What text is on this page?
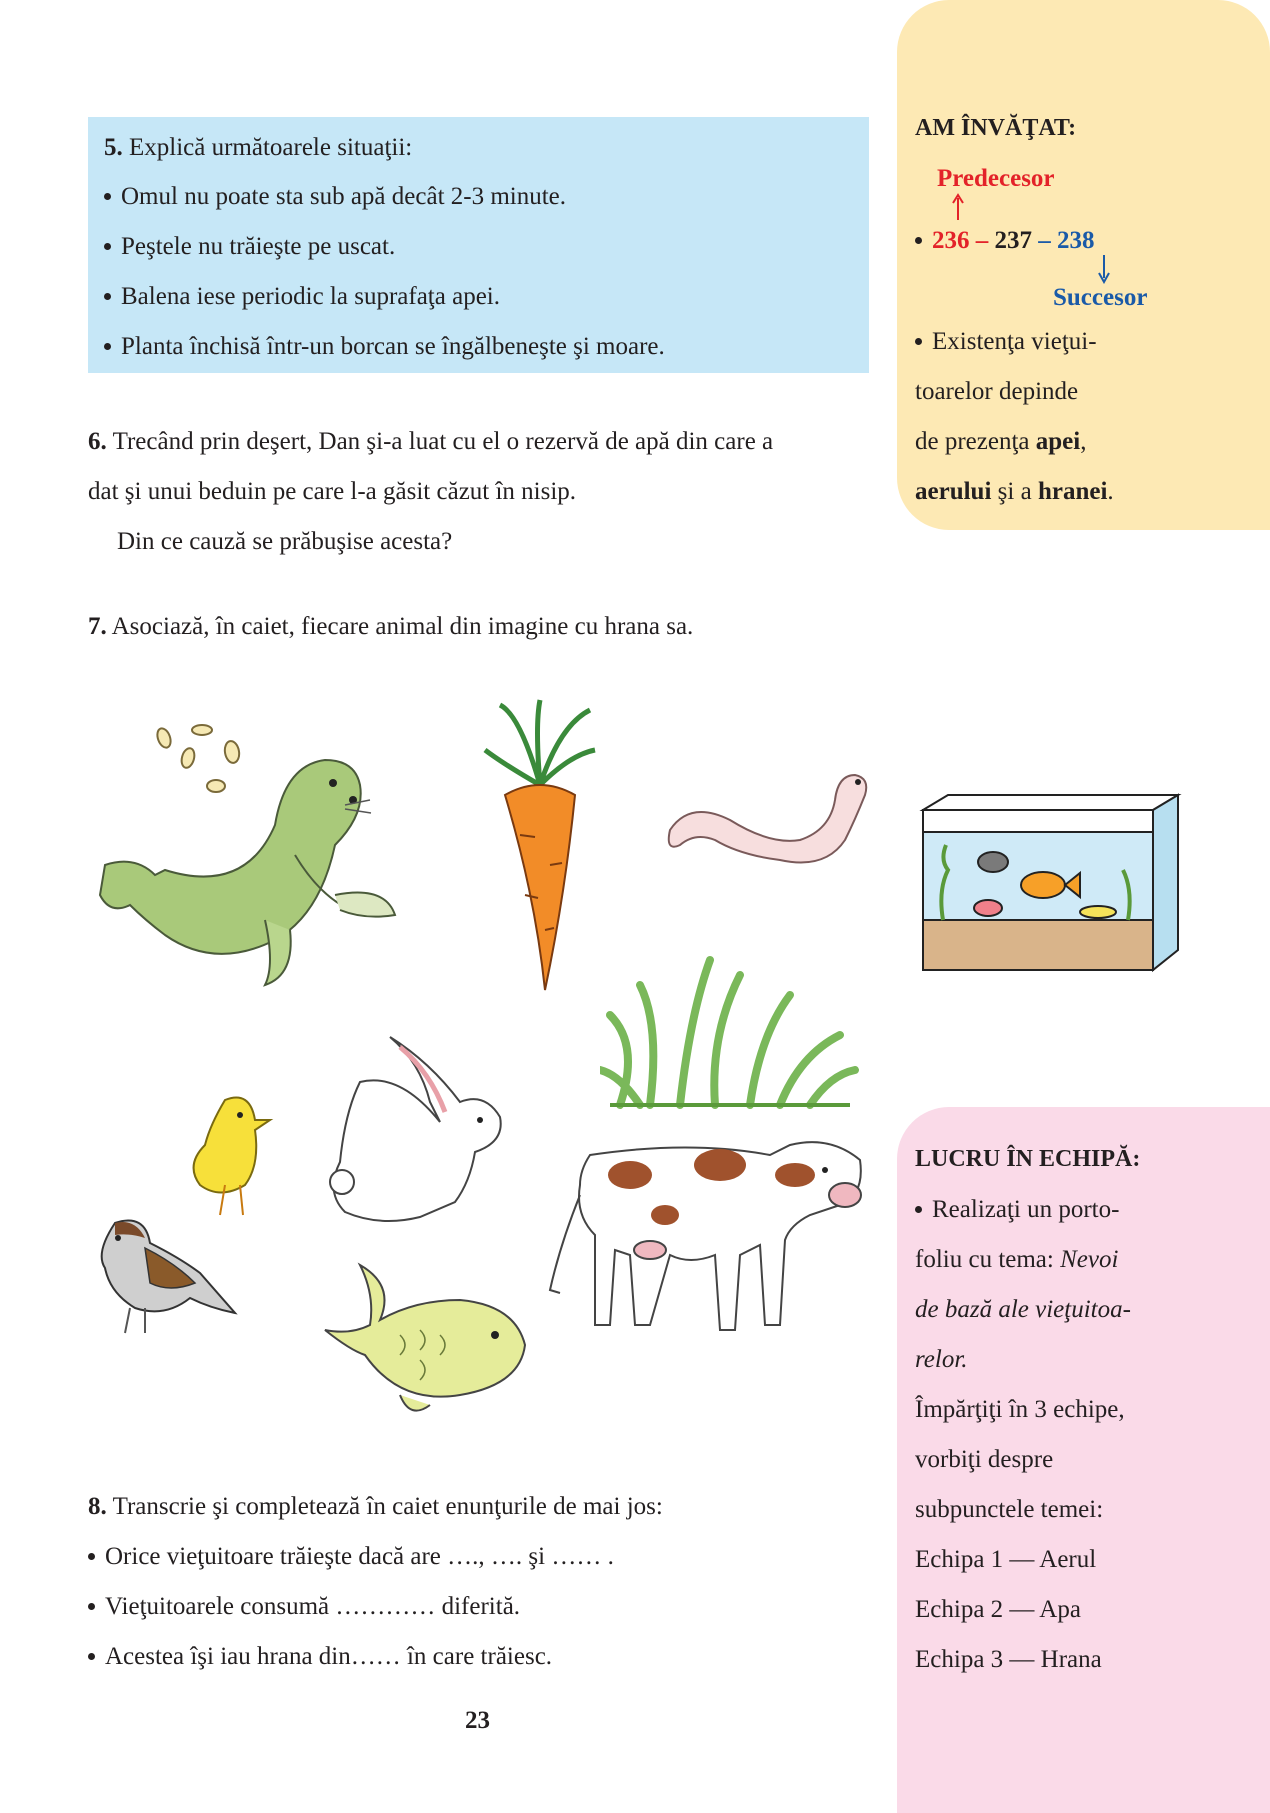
5. Explică următoarele situaţii:
Omul nu poate sta sub apă decât 2-3 minute.
Peştele nu trăieşte pe uscat.
Balena iese periodic la suprafaţa apei.
Planta închisă într-un borcan se îngălbeneşte şi moare.
6. Trecând prin deşert, Dan şi-a luat cu el o rezervă de apă din care a
dat şi unui beduin pe care l-a găsit căzut în nisip.
Din ce cauză se prăbuşise acesta?
7. Asociază, în caiet, fiecare animal din imagine cu hrana sa.
8. Transcrie şi completează în caiet enunţurile de mai jos:
Orice vieţuitoare trăieşte dacă are …., …. şi …… .
Vieţuitoarele consumă ………… diferită.
Acestea îşi iau hrana din…… în care trăiesc.
23
AM ÎNVĂŢAT:
Predecesor
236 – 237 – 238
Succesor
Existenţa vieţui-
toarelor depinde
de prezenţa apei,
aerului şi a hranei.
LUCRU ÎN ECHIPĂ:
Realizaţi un porto-
foliu cu tema: Nevoi
de bază ale vieţuitoa-
relor.
Împărţiţi în 3 echipe,
vorbiţi despre
subpunctele temei:
Echipa 1 — Aerul
Echipa 2 — Apa
Echipa 3 — Hrana
